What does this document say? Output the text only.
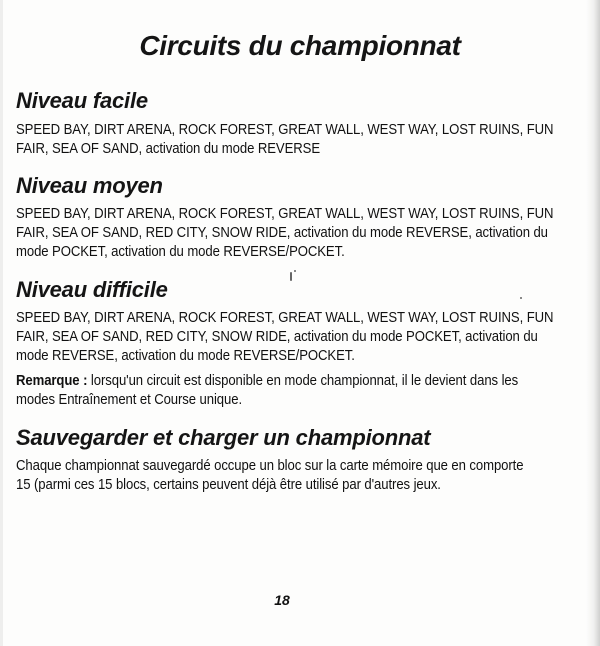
Circuits du championnat
Niveau facile
SPEED BAY, DIRT ARENA, ROCK FOREST, GREAT WALL, WEST WAY, LOST RUINS, FUN
FAIR, SEA OF SAND, activation du mode REVERSE
Niveau moyen
SPEED BAY, DIRT ARENA, ROCK FOREST, GREAT WALL, WEST WAY, LOST RUINS, FUN
FAIR, SEA OF SAND, RED CITY, SNOW RIDE, activation du mode REVERSE, activation du
mode POCKET, activation du mode REVERSE/POCKET.
Niveau difficile
SPEED BAY, DIRT ARENA, ROCK FOREST, GREAT WALL, WEST WAY, LOST RUINS, FUN
FAIR, SEA OF SAND, RED CITY, SNOW RIDE, activation du mode POCKET, activation du
mode REVERSE, activation du mode REVERSE/POCKET.
Remarque : lorsqu'un circuit est disponible en mode championnat, il le devient dans les
modes Entraînement et Course unique.
Sauvegarder et charger un championnat
Chaque championnat sauvegardé occupe un bloc sur la carte mémoire que en comporte
15 (parmi ces 15 blocs, certains peuvent déjà être utilisé par d'autres jeux.
18
